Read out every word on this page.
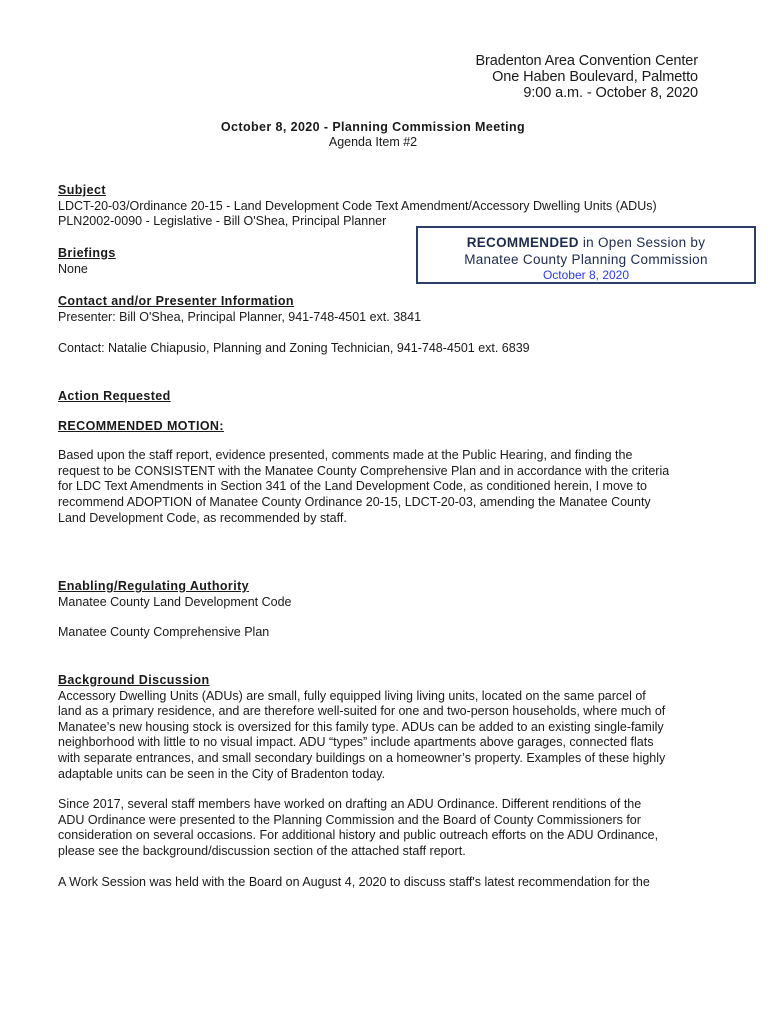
Bradenton Area Convention Center
One Haben Boulevard, Palmetto
9:00 a.m. - October 8, 2020
October 8, 2020 - Planning Commission Meeting
Agenda Item #2
Subject
LDCT-20-03/Ordinance 20-15 - Land Development Code Text Amendment/Accessory Dwelling Units (ADUs)
PLN2002-0090 - Legislative - Bill O'Shea, Principal Planner
RECOMMENDED in Open Session by
Manatee County Planning Commission
October 8, 2020
Briefings
None
Contact and/or Presenter Information
Presenter: Bill O'Shea, Principal Planner, 941-748-4501 ext. 3841
Contact: Natalie Chiapusio, Planning and Zoning Technician, 941-748-4501 ext. 6839
Action Requested
RECOMMENDED MOTION:
Based upon the staff report, evidence presented, comments made at the Public Hearing, and finding the
request to be CONSISTENT with the Manatee County Comprehensive Plan and in accordance with the criteria
for LDC Text Amendments in Section 341 of the Land Development Code, as conditioned herein, I move to
recommend ADOPTION of Manatee County Ordinance 20-15, LDCT-20-03, amending the Manatee County
Land Development Code, as recommended by staff.
Enabling/Regulating Authority
Manatee County Land Development Code
Manatee County Comprehensive Plan
Background Discussion
Accessory Dwelling Units (ADUs) are small, fully equipped living living units, located on the same parcel of
land as a primary residence, and are therefore well-suited for one and two-person households, where much of
Manatee’s new housing stock is oversized for this family type. ADUs can be added to an existing single-family
neighborhood with little to no visual impact. ADU “types” include apartments above garages, connected flats
with separate entrances, and small secondary buildings on a homeowner’s property. Examples of these highly
adaptable units can be seen in the City of Bradenton today.
Since 2017, several staff members have worked on drafting an ADU Ordinance. Different renditions of the
ADU Ordinance were presented to the Planning Commission and the Board of County Commissioners for
consideration on several occasions. For additional history and public outreach efforts on the ADU Ordinance,
please see the background/discussion section of the attached staff report.
A Work Session was held with the Board on August 4, 2020 to discuss staff's latest recommendation for the
